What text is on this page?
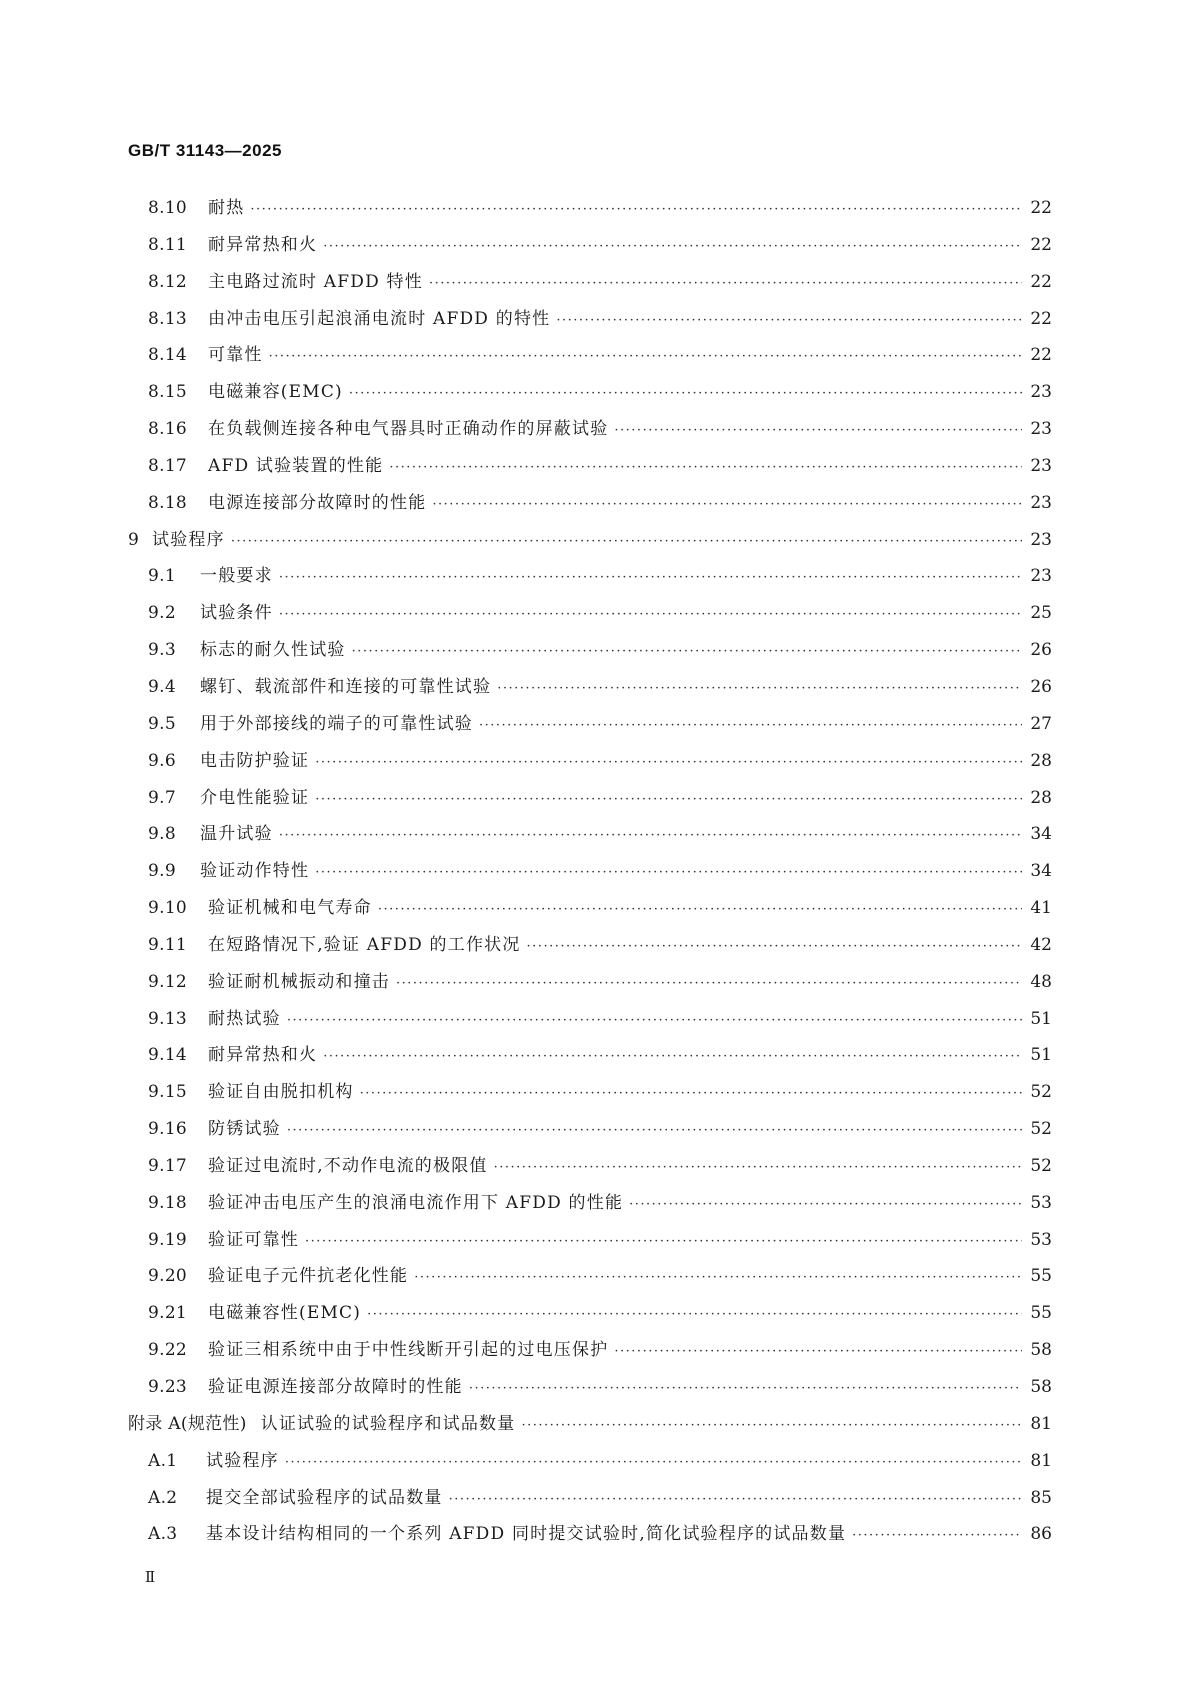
GB/T 31143—2025
8.10	耐热 ·····	22
8.11	耐异常热和火 ·····	22
8.12	主电路过流时 AFDD 特性 ·····	22
8.13	由冲击电压引起浪涌电流时 AFDD 的特性 ·····	22
8.14	可靠性 ·····	22
8.15	电磁兼容(EMC) ·····	23
8.16	在负载侧连接各种电气器具时正确动作的屏蔽试验 ·····	23
8.17	AFD 试验装置的性能 ·····	23
8.18	电源连接部分故障时的性能 ·····	23
9 试验程序 ·····	23
9.1	一般要求 ·····	23
9.2	试验条件 ·····	25
9.3	标志的耐久性试验 ·····	26
9.4	螺钉、载流部件和连接的可靠性试验 ·····	26
9.5	用于外部接线的端子的可靠性试验 ·····	27
9.6	电击防护验证 ·····	28
9.7	介电性能验证 ·····	28
9.8	温升试验 ·····	34
9.9	验证动作特性 ·····	34
9.10	验证机械和电气寿命 ·····	41
9.11	在短路情况下,验证 AFDD 的工作状况 ·····	42
9.12	验证耐机械振动和撞击 ·····	48
9.13	耐热试验 ·····	51
9.14	耐异常热和火 ·····	51
9.15	验证自由脱扣机构 ·····	52
9.16	防锈试验 ·····	52
9.17	验证过电流时,不动作电流的极限值 ·····	52
9.18	验证冲击电压产生的浪涌电流作用下 AFDD 的性能 ·····	53
9.19	验证可靠性 ·····	53
9.20	验证电子元件抗老化性能 ·····	55
9.21	电磁兼容性(EMC) ·····	55
9.22	验证三相系统中由于中性线断开引起的过电压保护 ·····	58
9.23	验证电源连接部分故障时的性能 ·····	58
附录 A(规范性) 认证试验的试验程序和试品数量 ·····	81
A.1	试验程序 ·····	81
A.2	提交全部试验程序的试品数量 ·····	85
A.3	基本设计结构相同的一个系列 AFDD 同时提交试验时,简化试验程序的试品数量 ·····	86
Ⅱ
